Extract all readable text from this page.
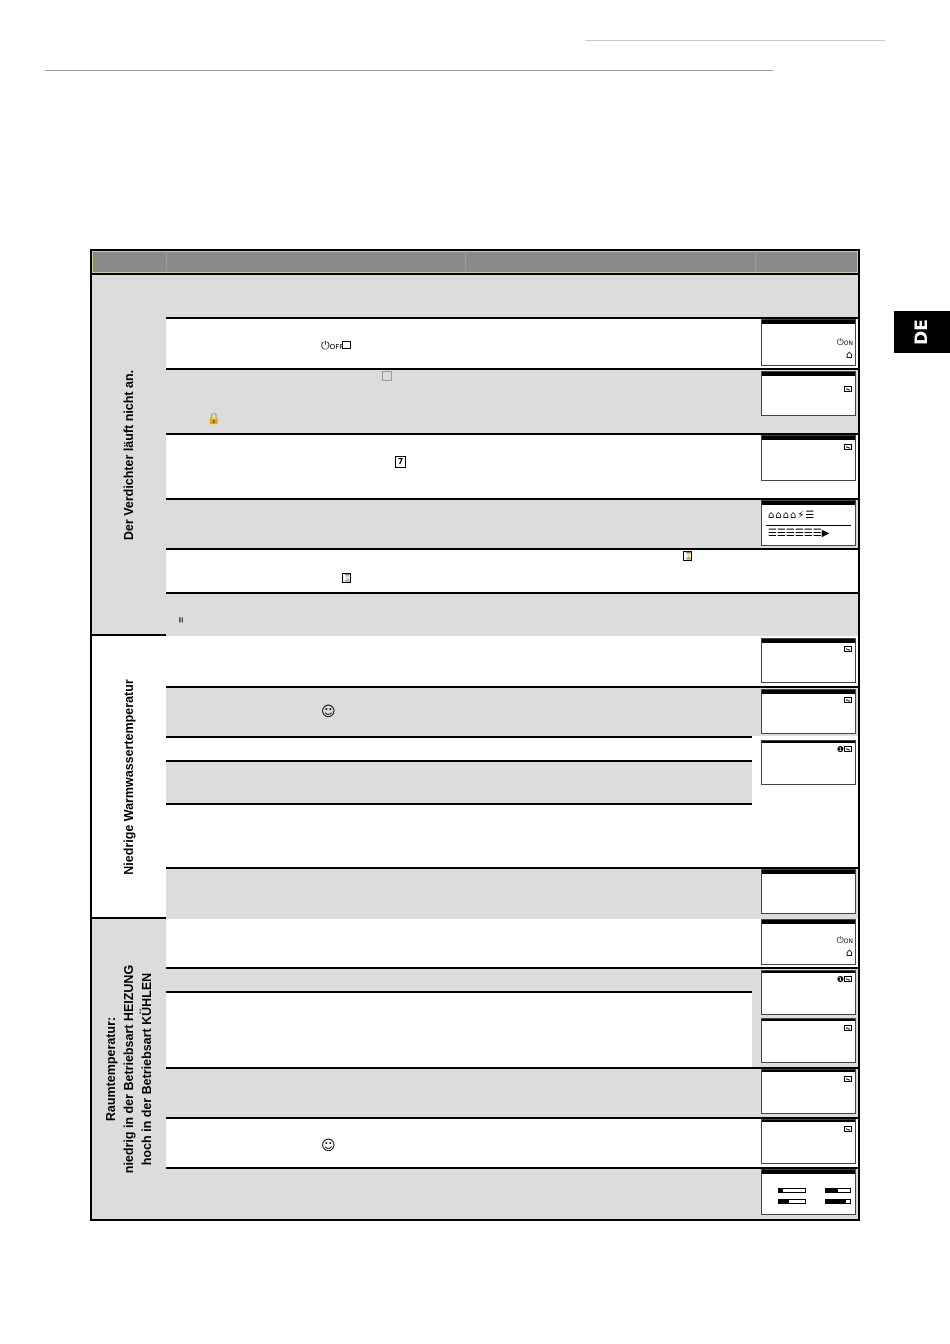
DE
Der Verdichter läuft nicht an.
Niedrige Warmwassertemperatur
Raumtemperatur: niedrig in der Betriebsart HEIZUNG hoch in der Betriebsart KÜHLEN
⏻OFF
🔒
7
⌛
⌛
≡
☺
☺
⏻ON
⌂
⌂⌂⌂⌂⚡☰
☰☰☰☰☰☰▶
❶
⏻ON
⌂
❶
